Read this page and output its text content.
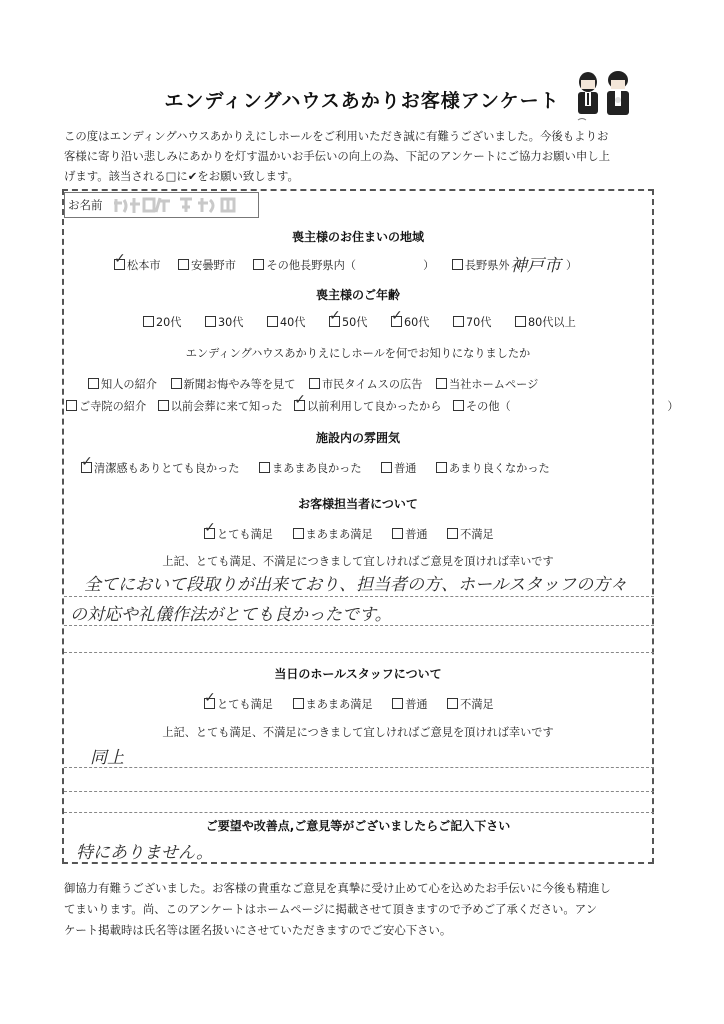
エンディングハウスあかりお客様アンケート

この度はエンディングハウスあかりえにしホールをご利用いただき誠に有難うございました。今後もよりお

客様に寄り沿い悲しみにあかりを灯す温かいお手伝いの向上の為、下記のアンケートにご協力お願い申し上

げます。該当される□に✔をお願い致します。

お名前
喪主様のお住まいの地域
✓ 松本市	安曇野市	その他長野県内（　　　　　　）	長野県外（
神戸市 ）
喪主様のご年齢
20代	30代	40代 ✓ 50代 ✓ 60代	70代	80代以上
エンディングハウスあかりえにしホールを何でお知りになりましたか
知人の紹介 新聞お悔やみ等を見て 市民タイムスの広告 当社ホームページ
ご寺院の紹介 以前会葬に来て知った ✓ 以前利用して良かったから その他（　　　　　　　　　　　　　　）
施設内の雰囲気
✓ 清潔感もありとても良かった	まあまあ良かった	普通	あまり良くなかった
お客様担当者について
✓ とても満足	まあまあ満足	普通	不満足
上記、とても満足、不満足につきまして宜しければご意見を頂ければ幸いです
全てにおいて段取りが出来ており、担当者の方、ホールスタッフの方々
の対応や礼儀作法がとても良かったです。
当日のホールスタッフについて
✓ とても満足	まあまあ満足	普通	不満足
上記、とても満足、不満足につきまして宜しければご意見を頂ければ幸いです
同上
ご要望や改善点,ご意見等がございましたらご記入下さい
特にありません。

御協力有難うございました。お客様の貴重なご意見を真摯に受け止めて心を込めたお手伝いに今後も精進し

てまいります。尚、このアンケートはホームページに掲載させて頂きますので予めご了承ください。アン

ケート掲載時は氏名等は匿名扱いにさせていただきますのでご安心下さい。
